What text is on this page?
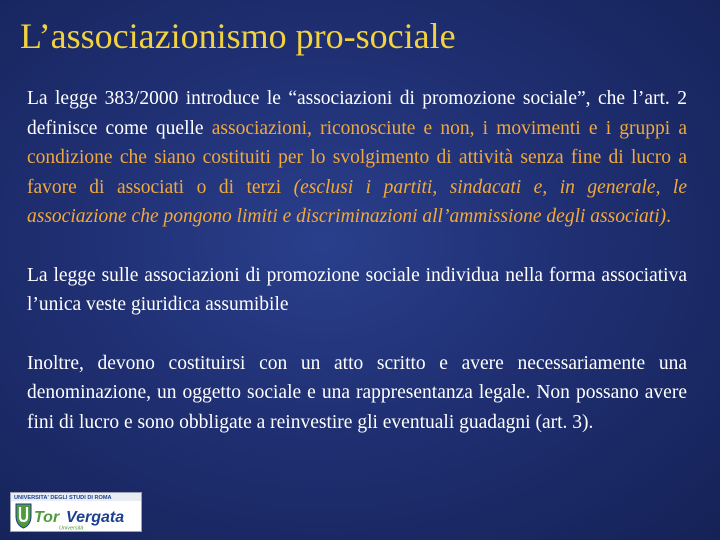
L’associazionismo pro-sociale

La legge 383/2000 introduce le “associazioni di promozione sociale”, che l’art. 2 definisce come quelle associazioni, riconosciute e non, i movimenti e i gruppi a condizione che siano costituiti per lo svolgimento di attività senza fine di lucro a favore di associati o di terzi (esclusi i partiti, sindacati e, in generale, le associazione che pongono limiti e discriminazioni all’ammissione degli associati).

La legge sulle associazioni di promozione sociale individua nella forma associativa l’unica veste giuridica assumibile

Inoltre, devono costituirsi con un atto scritto e avere necessariamente una denominazione, un oggetto sociale e una rappresentanza legale. Non possano avere fini di lucro e sono obbligate a reinvestire gli eventuali guadagni (art. 3).

UNIVERSITA' DEGLI STUDI DI ROMA
Tor Vergata
Università
